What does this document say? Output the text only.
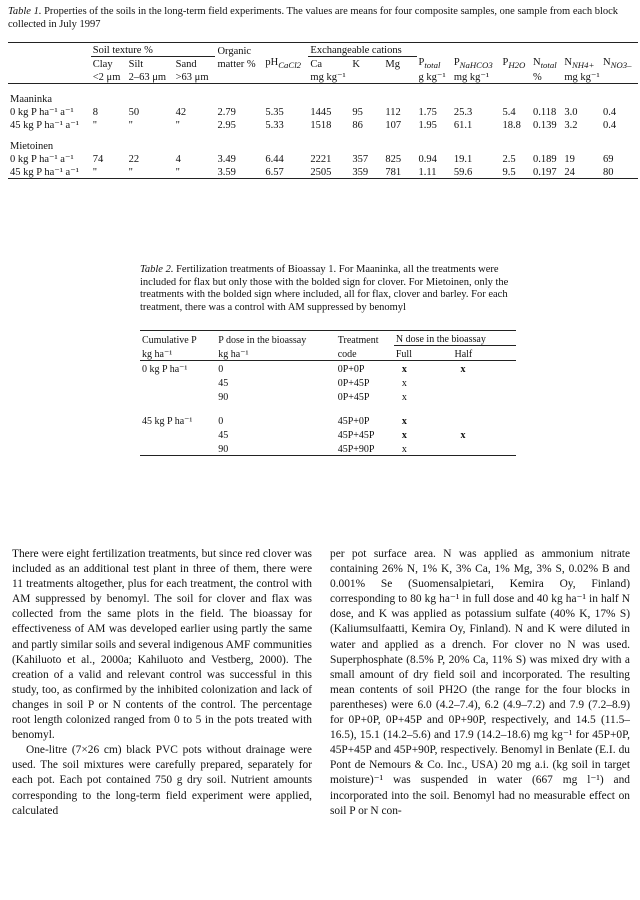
Table 1. Properties of the soils in the long-term field experiments. The values are means for four composite samples, one sample from each block collected in July 1997
	Soil texture %			Organic		Exchangeable cations								
	Clay	Silt	Sand	matter %	$pH_{CaCl2}$	Ca	K	Mg	$P_{total}$	$P_{NaHCO3}$	$P_{H2O}$	$N_{total}$	$N_{NH4+}$	$N_{NO3-}$
	<2 μm	2–63 μm	>63 μm			mg kg⁻¹			g kg⁻¹	mg kg⁻¹		%	mg kg⁻¹	

Maaninka														
0 kg P ha⁻¹ a⁻¹	8	50	42	2.79	5.35	1445	95	112	1.75	25.3	5.4	0.118	3.0	0.4
45 kg P ha⁻¹ a⁻¹	"	"	"	2.95	5.33	1518	86	107	1.95	61.1	18.8	0.139	3.2	0.4

Mietoinen														
0 kg P ha⁻¹ a⁻¹	74	22	4	3.49	6.44	2221	357	825	0.94	19.1	2.5	0.189	19	69
45 kg P ha⁻¹ a⁻¹	"	"	"	3.59	6.57	2505	359	781	1.11	59.6	9.5	0.197	24	80
Table 2. Fertilization treatments of Bioassay 1. For Maaninka, all the treatments were included for flax but only those with the bolded sign for clover. For Mietoinen, only the treatments with the bolded sign where included, all for flax, clover and barley. For each treatment, there was a control with AM suppressed by benomyl
Cumulative P	P dose in the bioassay	Treatment	N dose in the bioassay	
kg ha⁻¹	kg ha⁻¹	code	Full	Half
0 kg P ha⁻¹	0	0P+0P	x	x
	45	0P+45P	x	
	90	0P+45P	x	

45 kg P ha⁻¹	0	45P+0P	x	
	45	45P+45P	x	x
	90	45P+90P	x	

There were eight fertilization treatments, but since red clover was included as an additional test plant in three of them, there were 11 treatments altogether, plus for each treatment, the control with AM suppressed by benomyl. The soil for clover and flax was collected from the same plots in the field. The bioassay for effectiveness of AM was developed earlier using partly the same and partly similar soils and several indigenous AMF communities (Kahiluoto et al., 2000a; Kahiluoto and Vestberg, 2000). The creation of a valid and relevant control was successful in this study, too, as confirmed by the inhibited colonization and lack of changes in soil P or N contents of the control. The percentage root length colonized ranged from 0 to 5 in the pots treated with benomyl.

One-litre (7×26 cm) black PVC pots without drainage were used. The soil mixtures were carefully prepared, separately for each pot. Each pot contained 750 g dry soil. Nutrient amounts corresponding to the long-term field experiment were applied, calculated

per pot surface area. N was applied as ammonium nitrate containing 26% N, 1% K, 3% Ca, 1% Mg, 3% S, 0.02% B and 0.001% Se (Suomensalpietari, Kemira Oy, Finland) corresponding to 80 kg ha⁻¹ in full dose and 40 kg ha⁻¹ in half N dose, and K was applied as potassium sulfate (40% K, 17% S) (Kaliumsulfaatti, Kemira Oy, Finland). N and K were diluted in water and applied as a drench. For clover no N was used. Superphosphate (8.5% P, 20% Ca, 11% S) was mixed dry with a small amount of dry field soil and incorporated. The resulting mean contents of soil PH2O (the range for the four blocks in parentheses) were 6.0 (4.2–7.4), 6.2 (4.9–7.2) and 7.9 (7.2–8.9) for 0P+0P, 0P+45P and 0P+90P, respectively, and 14.5 (11.5–16.5), 15.1 (14.2–5.6) and 17.9 (14.2–18.6) mg kg⁻¹ for 45P+0P, 45P+45P and 45P+90P, respectively. Benomyl in Benlate (E.I. du Pont de Nemours & Co. Inc., USA) 20 mg a.i. (kg soil in target moisture)⁻¹ was suspended in water (667 mg l⁻¹) and incorporated into the soil. Benomyl had no measurable effect on soil P or N con-
